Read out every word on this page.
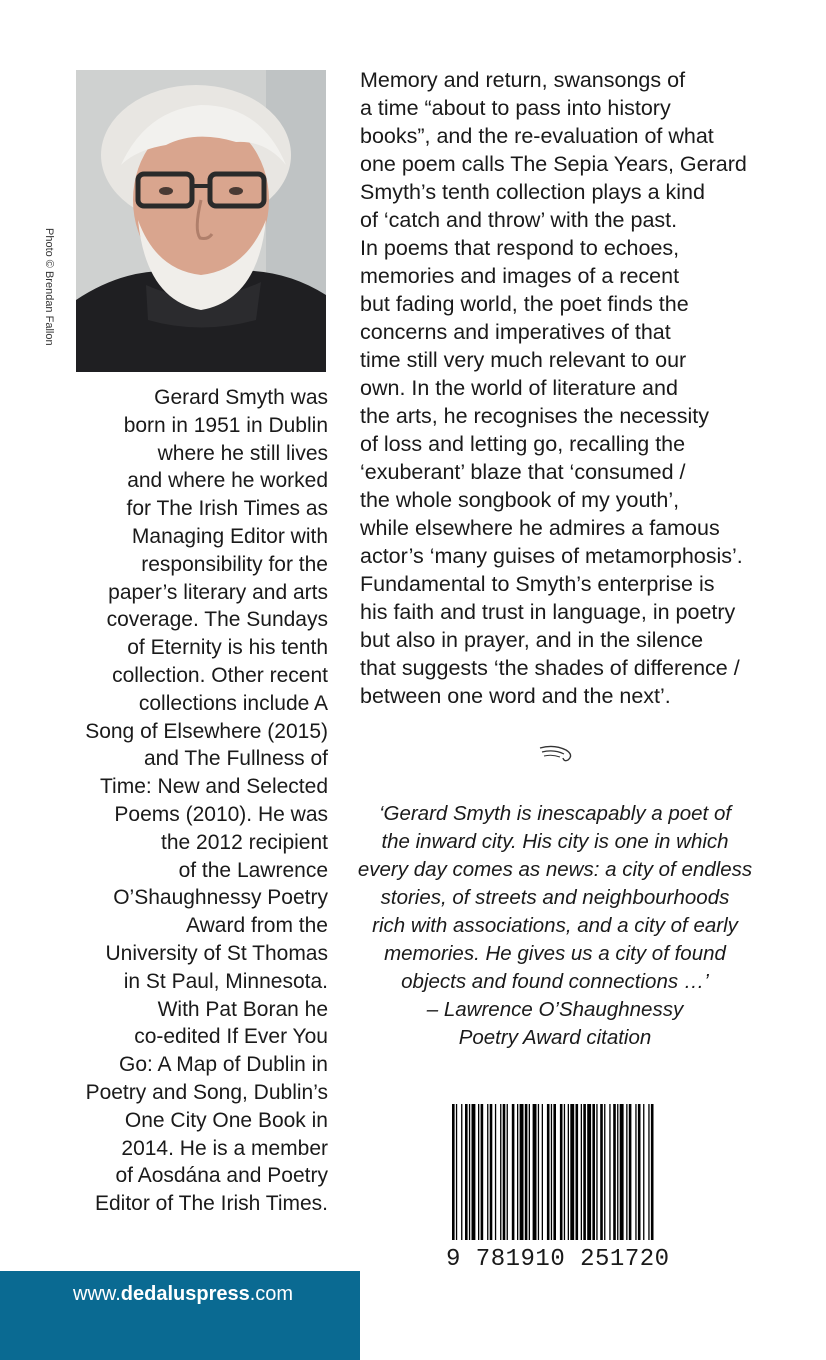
Photo © Brendan Fallon
Gerard Smyth was
born in 1951 in Dublin
where he still lives
and where he worked
for The Irish Times as
Managing Editor with
responsibility for the
paper’s literary and arts
coverage. The Sundays
of Eternity is his tenth
collection. Other recent
collections include A
Song of Elsewhere (2015)
and The Fullness of
Time: New and Selected
Poems (2010). He was
the 2012 recipient
of the Lawrence
O’Shaughnessy Poetry
Award from the
University of St Thomas
in St Paul, Minnesota.
With Pat Boran he
co-edited If Ever You
Go: A Map of Dublin in
Poetry and Song, Dublin’s
One City One Book in
2014. He is a member
of Aosdána and Poetry
Editor of The Irish Times.
Memory and return, swansongs of
a time “about to pass into history
books”, and the re-evaluation of what
one poem calls The Sepia Years, Gerard
Smyth’s tenth collection plays a kind
of ‘catch and throw’ with the past.
In poems that respond to echoes,
memories and images of a recent
but fading world, the poet finds the
concerns and imperatives of that
time still very much relevant to our
own. In the world of literature and
the arts, he recognises the necessity
of loss and letting go, recalling the
‘exuberant’ blaze that ‘consumed /
the whole songbook of my youth’,
while elsewhere he admires a famous
actor’s ‘many guises of metamorphosis’.
Fundamental to Smyth’s enterprise is
his faith and trust in language, in poetry
but also in prayer, and in the silence
that suggests ‘the shades of difference /
between one word and the next’.
‘Gerard Smyth is inescapably a poet of
the inward city. His city is one in which
every day comes as news: a city of endless
stories, of streets and neighbourhoods
rich with associations, and a city of early
memories. He gives us a city of found
objects and found connections …’
– Lawrence O’Shaughnessy
Poetry Award citation
9 781910 251720
www.dedaluspress.com
